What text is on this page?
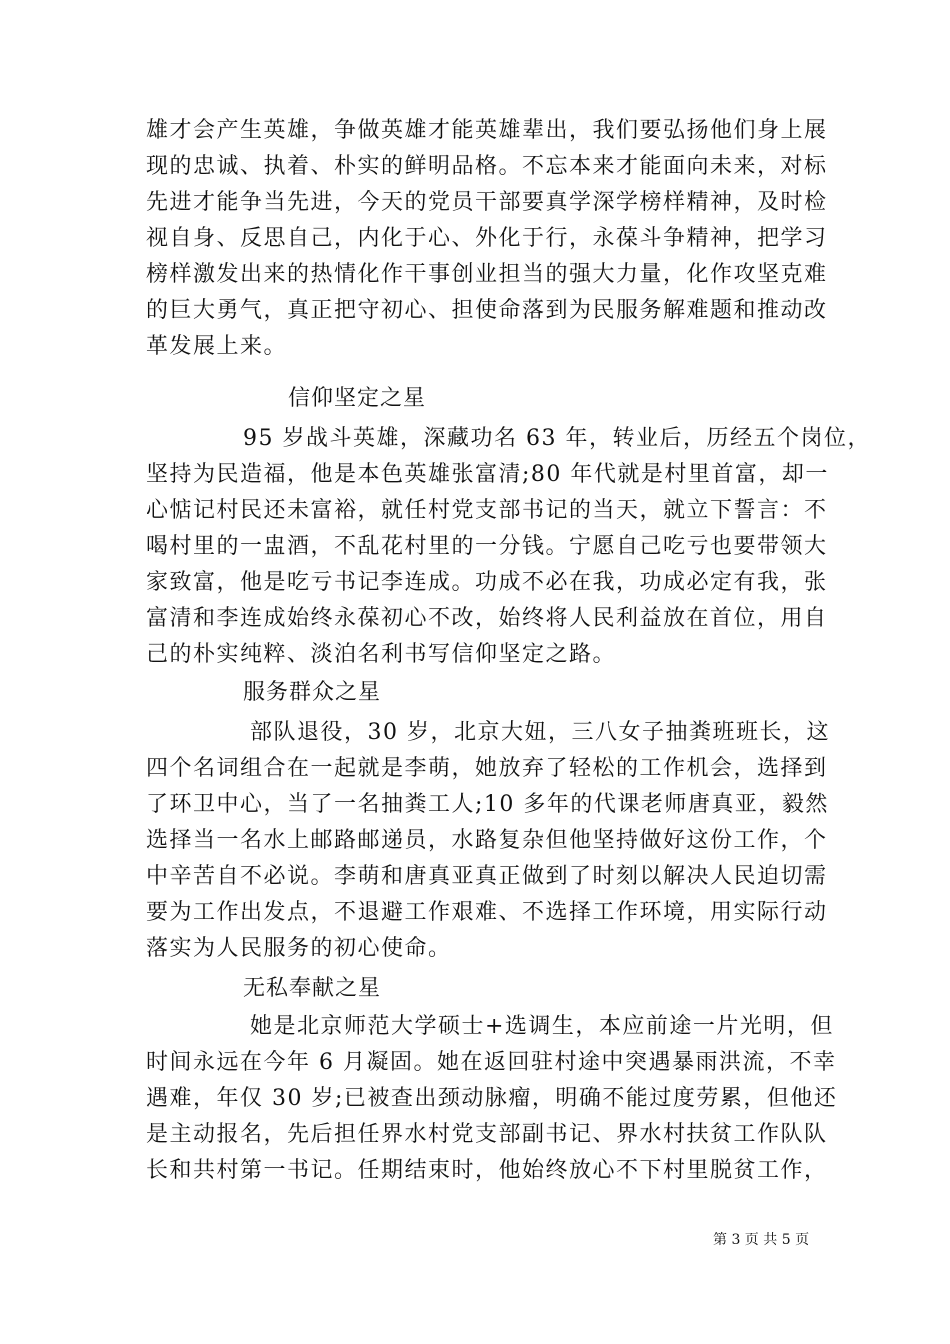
雄才会产生英雄，争做英雄才能英雄辈出，我们要弘扬他们身上展
现的忠诚、执着、朴实的鲜明品格。不忘本来才能面向未来，对标
先进才能争当先进，今天的党员干部要真学深学榜样精神，及时检
视自身、反思自己，内化于心、外化于行，永葆斗争精神，把学习
榜样激发出来的热情化作干事创业担当的强大力量，化作攻坚克难
的巨大勇气，真正把守初心、担使命落到为民服务解难题和推动改
革发展上来。
信仰坚定之星
95 岁战斗英雄，深藏功名 63 年，转业后，历经五个岗位，
坚持为民造福，他是本色英雄张富清;80 年代就是村里首富，却一
心惦记村民还未富裕，就任村党支部书记的当天，就立下誓言：不
喝村里的一盅酒，不乱花村里的一分钱。宁愿自己吃亏也要带领大
家致富，他是吃亏书记李连成。功成不必在我，功成必定有我，张
富清和李连成始终永葆初心不改，始终将人民利益放在首位，用自
己的朴实纯粹、淡泊名利书写信仰坚定之路。
服务群众之星
部队退役，30 岁，北京大妞，三八女子抽粪班班长，这
四个名词组合在一起就是李萌，她放弃了轻松的工作机会，选择到
了环卫中心，当了一名抽粪工人;10 多年的代课老师唐真亚，毅然
选择当一名水上邮路邮递员，水路复杂但他坚持做好这份工作，个
中辛苦自不必说。李萌和唐真亚真正做到了时刻以解决人民迫切需
要为工作出发点，不退避工作艰难、不选择工作环境，用实际行动
落实为人民服务的初心使命。
无私奉献之星
她是北京师范大学硕士+选调生，本应前途一片光明，但
时间永远在今年 6 月凝固。她在返回驻村途中突遇暴雨洪流，不幸
遇难，年仅 30 岁;已被查出颈动脉瘤，明确不能过度劳累，但他还
是主动报名，先后担任界水村党支部副书记、界水村扶贫工作队队
长和共村第一书记。任期结束时，他始终放心不下村里脱贫工作，
第 3 页 共 5 页
